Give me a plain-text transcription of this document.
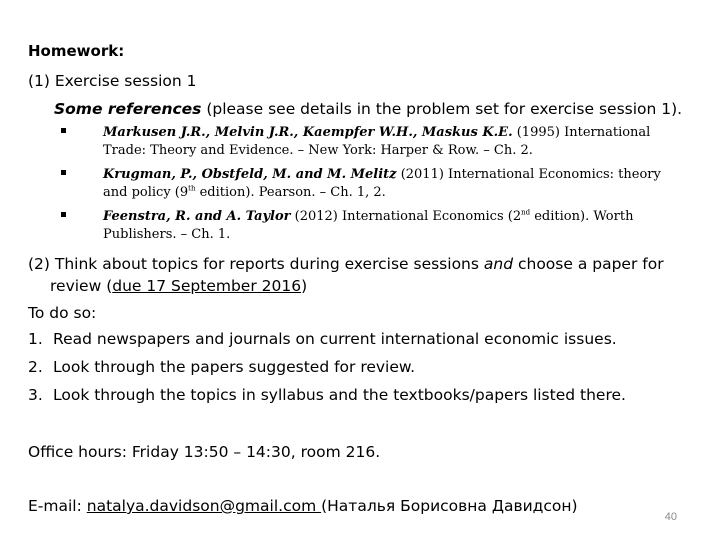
Homework:
(1) Exercise session 1
Some references (please see details in the problem set for exercise session 1).
Markusen J.R., Melvin J.R., Kaempfer W.H., Maskus K.E. (1995) International Trade: Theory and Evidence. – New York: Harper & Row. – Ch. 2.
Krugman, P., Obstfeld, M. and M. Melitz (2011) International Economics: theory and policy (9th edition). Pearson. – Ch. 1, 2.
Feenstra, R. and A. Taylor (2012) International Economics (2nd edition). Worth Publishers. – Ch. 1.
(2) Think about topics for reports during exercise sessions and choose a paper for
review (due 17 September 2016)
To do so:
1. Read newspapers and journals on current international economic issues.
2. Look through the papers suggested for review.
3. Look through the topics in syllabus and the textbooks/papers listed there.
Office hours: Friday 13:50 – 14:30, room 216.
E-mail: natalya.davidson@gmail.com (Наталья Борисовна Давидсон)
40
